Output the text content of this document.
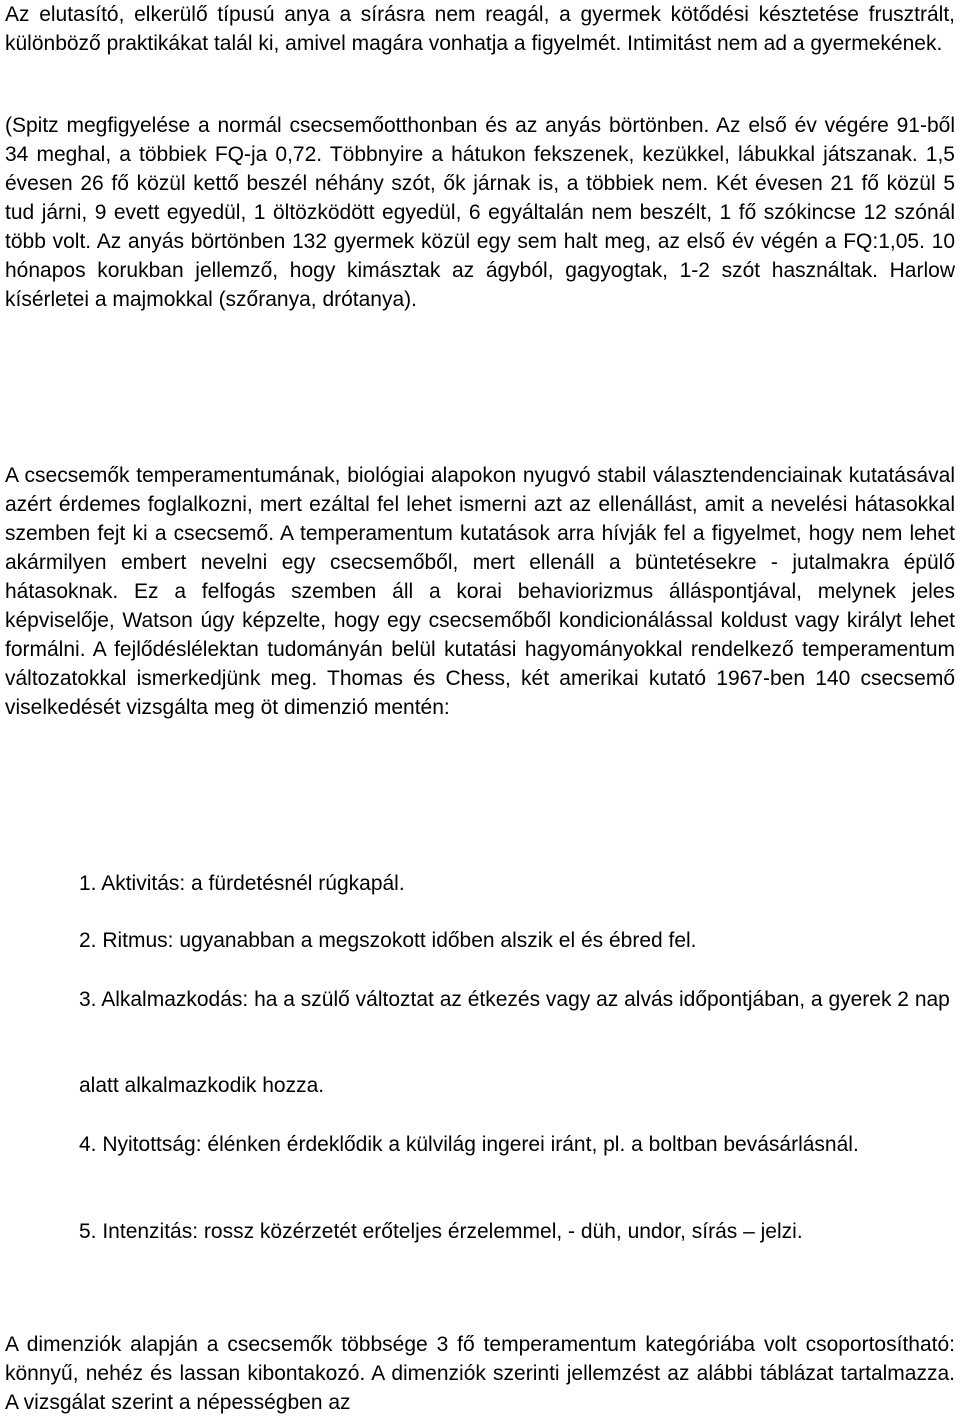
Az elutasító, elkerülő típusú anya a sírásra nem reagál, a gyermek kötődési késztetése frusztrált, különböző praktikákat talál ki, amivel magára vonhatja a figyelmét. Intimitást nem ad a gyermekének.

(Spitz megfigyelése a normál csecsemőotthonban és az anyás börtönben. Az első év végére 91-ből 34 meghal, a többiek FQ-ja 0,72. Többnyire a hátukon fekszenek, kezükkel, lábukkal játszanak. 1,5 évesen 26 fő közül kettő beszél néhány szót, ők járnak is, a többiek nem. Két évesen 21 fő közül 5 tud járni, 9 evett egyedül, 1 öltözködött egyedül, 6 egyáltalán nem beszélt, 1 fő szókincse 12 szónál több volt. Az anyás börtönben 132 gyermek közül egy sem halt meg, az első év végén a FQ:1,05. 10 hónapos korukban jellemző, hogy kimásztak az ágyból, gagyogtak, 1-2 szót használtak. Harlow kísérletei a majmokkal (szőranya, drótanya).

A csecsemők temperamentumának, biológiai alapokon nyugvó stabil választendenciainak kutatásával azért érdemes foglalkozni, mert ezáltal fel lehet ismerni azt az ellenállást, amit a nevelési hátasokkal szemben fejt ki a csecsemő. A temperamentum kutatások arra hívják fel a figyelmet, hogy nem lehet akármilyen embert nevelni egy csecsemőből, mert ellenáll a büntetésekre - jutalmakra épülő hátasoknak. Ez a felfogás szemben áll a korai behaviorizmus álláspontjával, melynek jeles képviselője, Watson úgy képzelte, hogy egy csecsemőből kondicionálással koldust vagy királyt lehet formálni. A fejlődéslélektan tudományán belül kutatási hagyományokkal rendelkező temperamentum változatokkal ismerkedjünk meg. Thomas és Chess, két amerikai kutató 1967-ben 140 csecsemő viselkedését vizsgálta meg öt dimenzió mentén:

1. Aktivitás: a fürdetésnél rúgkapál.

2. Ritmus: ugyanabban a megszokott időben alszik el és ébred fel.

3. Alkalmazkodás: ha a szülő változtat az étkezés vagy az alvás időpontjában, a gyerek 2 nap

alatt alkalmazkodik hozza.

4. Nyitottság: élénken érdeklődik a külvilág ingerei iránt, pl. a boltban bevásárlásnál.

5. Intenzitás: rossz közérzetét erőteljes érzelemmel, - düh, undor, sírás – jelzi.

A dimenziók alapján a csecsemők többsége 3 fő temperamentum kategóriába volt csoportosítható: könnyű, nehéz és lassan kibontakozó. A dimenziók szerinti jellemzést az alábbi táblázat tartalmazza. A vizsgálat szerint a népességben az
